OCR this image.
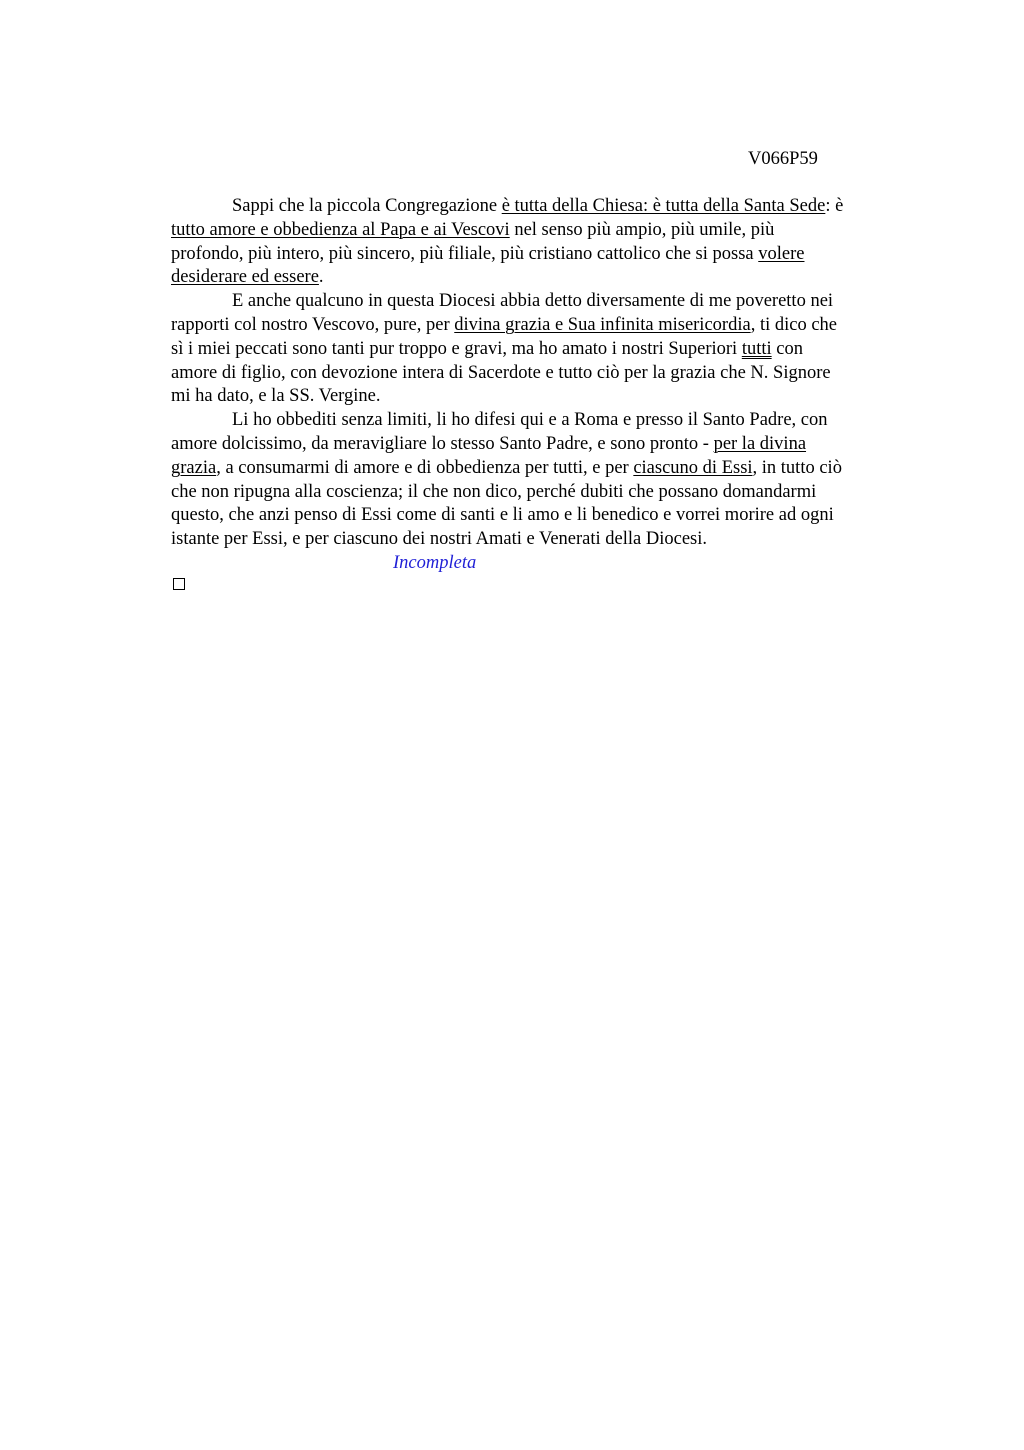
V066P59
Sappi che la piccola Congregazione è tutta della Chiesa: è tutta della Santa Sede: è
tutto amore e obbedienza al Papa e ai Vescovi nel senso più ampio, più umile, più
profondo, più intero, più sincero, più filiale, più cristiano cattolico che si possa volere
desiderare ed essere.
E anche qualcuno in questa Diocesi abbia detto diversamente di me poveretto nei
rapporti col nostro Vescovo, pure, per divina grazia e Sua infinita misericordia, ti dico che
sì i miei peccati sono tanti pur troppo e gravi, ma ho amato i nostri Superiori tutti con
amore di figlio, con devozione intera di Sacerdote e tutto ciò per la grazia che N. Signore
mi ha dato, e la SS. Vergine.
Li ho obbediti senza limiti, li ho difesi qui e a Roma e presso il Santo Padre, con
amore dolcissimo, da meravigliare lo stesso Santo Padre, e sono pronto - per la divina
grazia, a consumarmi di amore e di obbedienza per tutti, e per ciascuno di Essi, in tutto ciò
che non ripugna alla coscienza; il che non dico, perché dubiti che possano domandarmi
questo, che anzi penso di Essi come di santi e li amo e li benedico e vorrei morire ad ogni
istante per Essi, e per ciascuno dei nostri Amati e Venerati della Diocesi.
Incompleta
